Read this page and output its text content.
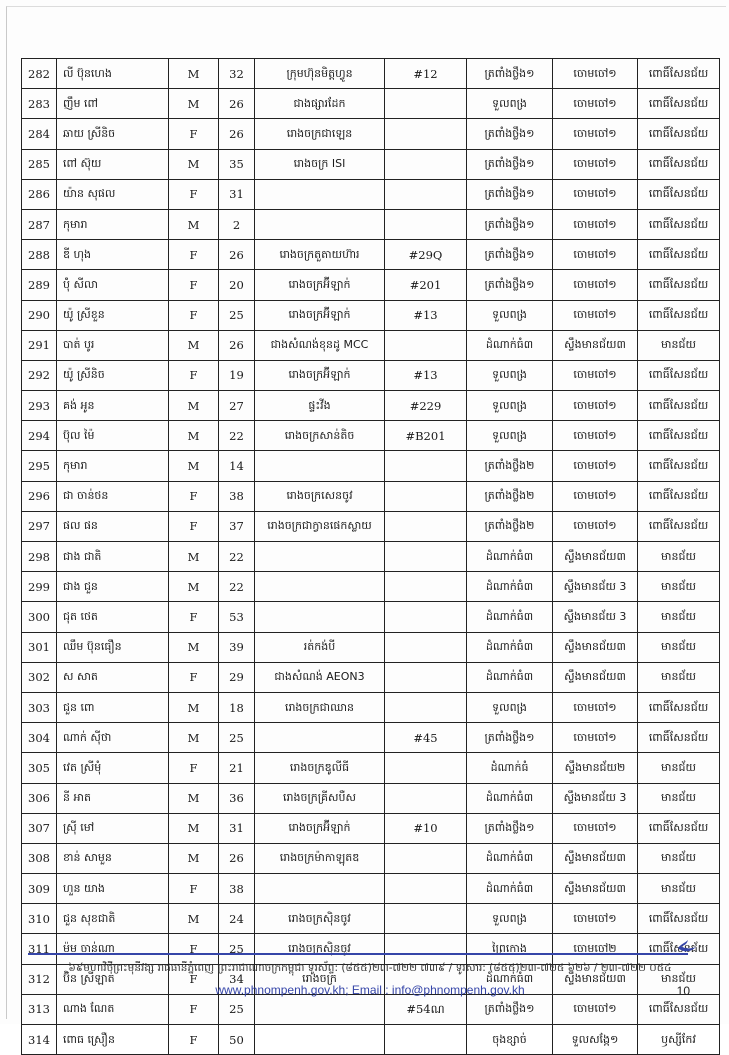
282	លី ប៊ុនហេង	M	32	ក្រុមហ៊ុនមិត្តហ្វូន	#12	ត្រពាំងថ្លឹង១	ចោមចៅ១	ពោធិ៍សែនជ័យ
283	ញឹម ពៅ	M	26	ជាងផ្សារដែក		ទួលពង្រ	ចោមចៅ១	ពោធិ៍សែនជ័យ
284	ឆាយ ស្រីនិច	F	26	រោងចក្រជាឡេន		ត្រពាំងថ្លឹង១	ចោមចៅ១	ពោធិ៍សែនជ័យ
285	ពៅ ស៊ុយ	M	35	រោងចក្រ ISI		ត្រពាំងថ្លឹង១	ចោមចៅ១	ពោធិ៍សែនជ័យ
286	យ៉ាន សុផល	F	31			ត្រពាំងថ្លឹង១	ចោមចៅ១	ពោធិ៍សែនជ័យ
287	កុមារា	M	2			ត្រពាំងថ្លឹង១	ចោមចៅ១	ពោធិ៍សែនជ័យ
288	ឌី ហុង	F	26	រោងចក្រតួតាយហ៊ារ	#29Q	ត្រពាំងថ្លឹង១	ចោមចៅ១	ពោធិ៍សែនជ័យ
289	ប៉ុំ សីលា	F	20	រោងចក្រអ៊ីឡាក់	#201	ត្រពាំងថ្លឹង១	ចោមចៅ១	ពោធិ៍សែនជ័យ
290	យ៉ូ ស្រីខួន	F	25	រោងចក្រអ៊ីឡាក់	#13	ទួលពង្រ	ចោមចៅ១	ពោធិ៍សែនជ័យ
291	បាត់ បូរ	M	26	ជាងសំណង់ខុនដូ MCC		ដំណាក់ធំ៣	ស្ទឹងមានជ័យ៣	មានជ័យ
292	យ៉ូ ស្រីនិច	F	19	រោងចក្រអ៊ីឡាក់	#13	ទួលពង្រ	ចោមចៅ១	ពោធិ៍សែនជ័យ
293	គង់ អូន	M	27	ផ្ទះវីង	#229	ទួលពង្រ	ចោមចៅ១	ពោធិ៍សែនជ័យ
294	ប៊ុល ម៉ៃ	M	22	រោងចក្រសាន់តិច	#B201	ទួលពង្រ	ចោមចៅ១	ពោធិ៍សែនជ័យ
295	កុមារា	M	14			ត្រពាំងថ្លឹង២	ចោមចៅ១	ពោធិ៍សែនជ័យ
296	ជា ចាន់ថន	F	38	រោងចក្រសេនចូវ		ត្រពាំងថ្លឹង២	ចោមចៅ១	ពោធិ៍សែនជ័យ
297	ផល ផន	F	37	រោងចក្រជាក្វានផេកស្លាយ		ត្រពាំងថ្លឹង២	ចោមចៅ១	ពោធិ៍សែនជ័យ
298	ជាង ជាតិ	M	22			ដំណាក់ធំ៣	ស្ទឹងមានជ័យ៣	មានជ័យ
299	ជាង ជួន	M	22			ដំណាក់ធំ៣	ស្ទឹងមានជ័យ 3	មានជ័យ
300	ជុត ថេត	F	53			ដំណាក់ធំ៣	ស្ទឹងមានជ័យ 3	មានជ័យ
301	ឈឹម ប៊ុនធឿន	M	39	រត់កង់បី		ដំណាក់ធំ៣	ស្ទឹងមានជ័យ៣	មានជ័យ
302	ស សាត	F	29	ជាងសំណង់ AEON3		ដំណាក់ធំ៣	ស្ទឹងមានជ័យ៣	មានជ័យ
303	ជួន ពោ	M	18	រោងចក្រជាឈាន		ទួលពង្រ	ចោមចៅ១	ពោធិ៍សែនជ័យ
304	ណាក់ ស៊ីថា	M	25		#45	ត្រពាំងថ្លឹង១	ចោមចៅ១	ពោធិ៍សែនជ័យ
305	វេត ស្រីមុំ	F	21	រោងចក្រឌូលីធី		ដំណាក់ធំ	ស្ទឹងមានជ័យ២	មានជ័យ
306	នី អាត	M	36	រោងចក្រគ្រីសបឺស		ដំណាក់ធំ៣	ស្ទឹងមានជ័យ 3	មានជ័យ
307	ស្រ៊ី មៅ	M	31	រោងចក្រអ៊ីឡាក់	#10	ត្រពាំងថ្លឹង១	ចោមចៅ១	ពោធិ៍សែនជ័យ
308	ខាន់ សាមួន	M	26	រោងចក្រម៉ាកាឡុតឌ		ដំណាក់ធំ៣	ស្ទឹងមានជ័យ៣	មានជ័យ
309	ហួន យាង	F	38			ដំណាក់ធំ៣	ស្ទឹងមានជ័យ៣	មានជ័យ
310	ជួន សុខជាតិ	M	24	រោងចក្រស៊ិនចូវ		ទួលពង្រ	ចោមចៅ១	ពោធិ៍សែនជ័យ
311	ម៉ម ចាន់ណា	F	25	រោងចក្រស៊ិនចូវ		ព្រៃកោង	ចោមចៅ២	ពោធិ៍សែនជ័យ
312	ប៊ិន ស្រីឡាត់	F	34	រោងចក្រ		ដំណាក់ធំ៣	ស្ទឹងមានជ័យ៣	មានជ័យ
313	ណាង ណែត	F	25		#54ណ	ត្រពាំងថ្លឹង១	ចោមចៅ១	ពោធិ៍សែនជ័យ
314	ពោធ ស្រឿន	F	50			ចុងខ្សាច់	ទួលសង្កែ១	ឫស្សីកែវ
៦៩មហាវិថីព្រះមុនីវង្ស រាជធានីភ្នំពេញ ព្រះរាជាណាចក្រកម្ពុជា ទូរស័ព្ទ: (៨៥៥)២៣-៧២២ ៧៣៩ / ទូរសារ: (៨៥៥)២៣-៧២៥ ៦២៦ / ២៣-៧២២ ០៥៤
www.phnompenh.gov.kh; Email : info@phnompenh.gov.kh	10
